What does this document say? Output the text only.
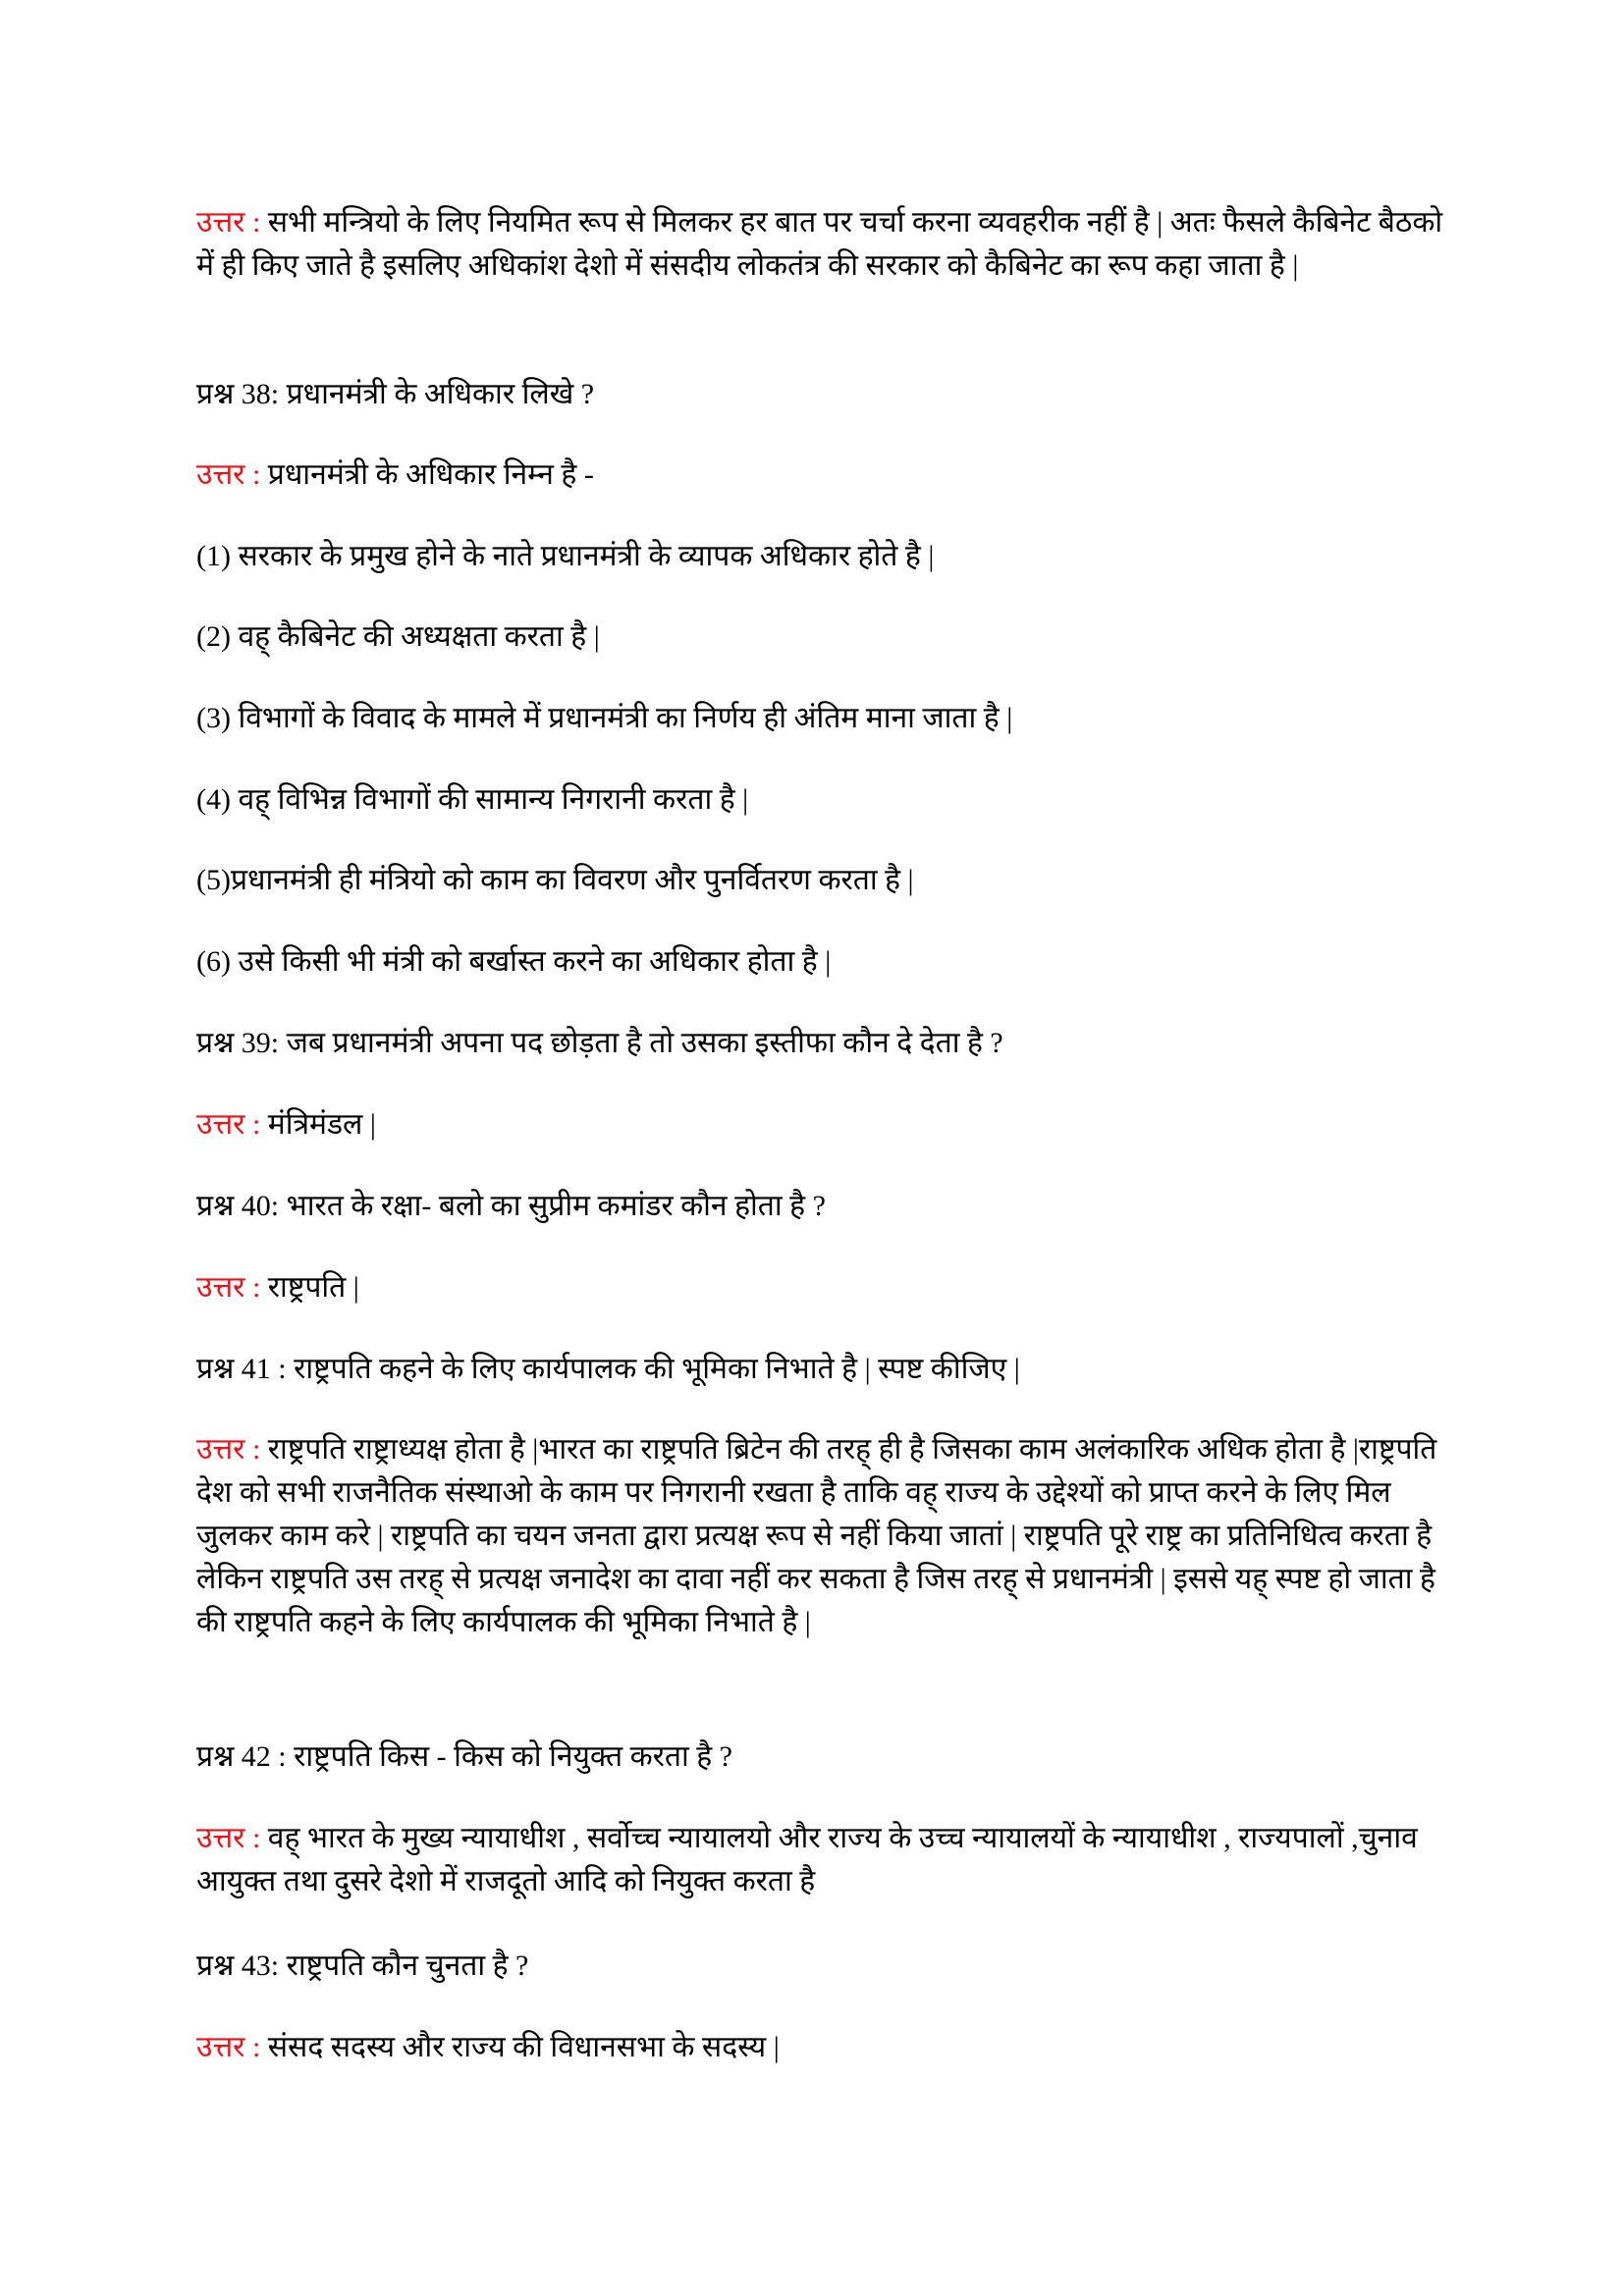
उत्तर : सभी मन्त्रियो के लिए नियमित रूप से मिलकर हर बात पर चर्चा करना व्यवहरीक नहीं है | अतः फैसले कैबिनेट बैठको में ही किए जाते है इसलिए अधिकांश देशो में संसदीय लोकतंत्र की सरकार को कैबिनेट का रूप कहा जाता है |

प्रश्न 38: प्रधानमंत्री के अधिकार लिखे ?

उत्तर : प्रधानमंत्री के अधिकार निम्न है -

(1) सरकार के प्रमुख होने के नाते प्रधानमंत्री के व्यापक अधिकार होते है |

(2) वह् कैबिनेट की अध्यक्षता करता है |

(3) विभागों के विवाद के मामले में प्रधानमंत्री का निर्णय ही अंतिम माना जाता है |

(4) वह् विभिन्न विभागों की सामान्य निगरानी करता है |

(5)प्रधानमंत्री ही मंत्रियो को काम का विवरण और पुनर्वितरण करता है |

(6) उसे किसी भी मंत्री को बर्खास्त करने का अधिकार होता है |

प्रश्न 39: जब प्रधानमंत्री अपना पद छोड़ता है तो उसका इस्तीफा कौन दे देता है ?

उत्तर : मंत्रिमंडल |

प्रश्न 40: भारत के रक्षा- बलो का सुप्रीम कमांडर कौन होता है ?

उत्तर : राष्ट्रपति |

प्रश्न 41 : राष्ट्रपति कहने के लिए कार्यपालक की भूमिका निभाते है | स्पष्ट कीजिए |

उत्तर : राष्ट्रपति राष्ट्राध्यक्ष होता है |भारत का राष्ट्रपति ब्रिटेन की तरह् ही है जिसका काम अलंकारिक अधिक होता है |राष्ट्रपति देश को सभी राजनैतिक संस्थाओ के काम पर निगरानी रखता है ताकि वह् राज्य के उद्देश्यों को प्राप्त करने के लिए मिल जुलकर काम करे | राष्ट्रपति का चयन जनता द्वारा प्रत्यक्ष रूप से नहीं किया जातां | राष्ट्रपति पूरे राष्ट्र का प्रतिनिधित्व करता है लेकिन राष्ट्रपति उस तरह् से प्रत्यक्ष जनादेश का दावा नहीं कर सकता है जिस तरह् से प्रधानमंत्री | इससे यह् स्पष्ट हो जाता है की राष्ट्रपति कहने के लिए कार्यपालक की भूमिका निभाते है |

प्रश्न 42 : राष्ट्रपति किस - किस को नियुक्त करता है ?

उत्तर : वह् भारत के मुख्य न्यायाधीश , सर्वोच्च न्यायालयो और राज्य के उच्च न्यायालयों के न्यायाधीश , राज्यपालों ,चुनाव आयुक्त तथा दुसरे देशो में राजदूतो आदि को नियुक्त करता है

प्रश्न 43: राष्ट्रपति कौन चुनता है ?

उत्तर : संसद सदस्य और राज्य की विधानसभा के सदस्य |
